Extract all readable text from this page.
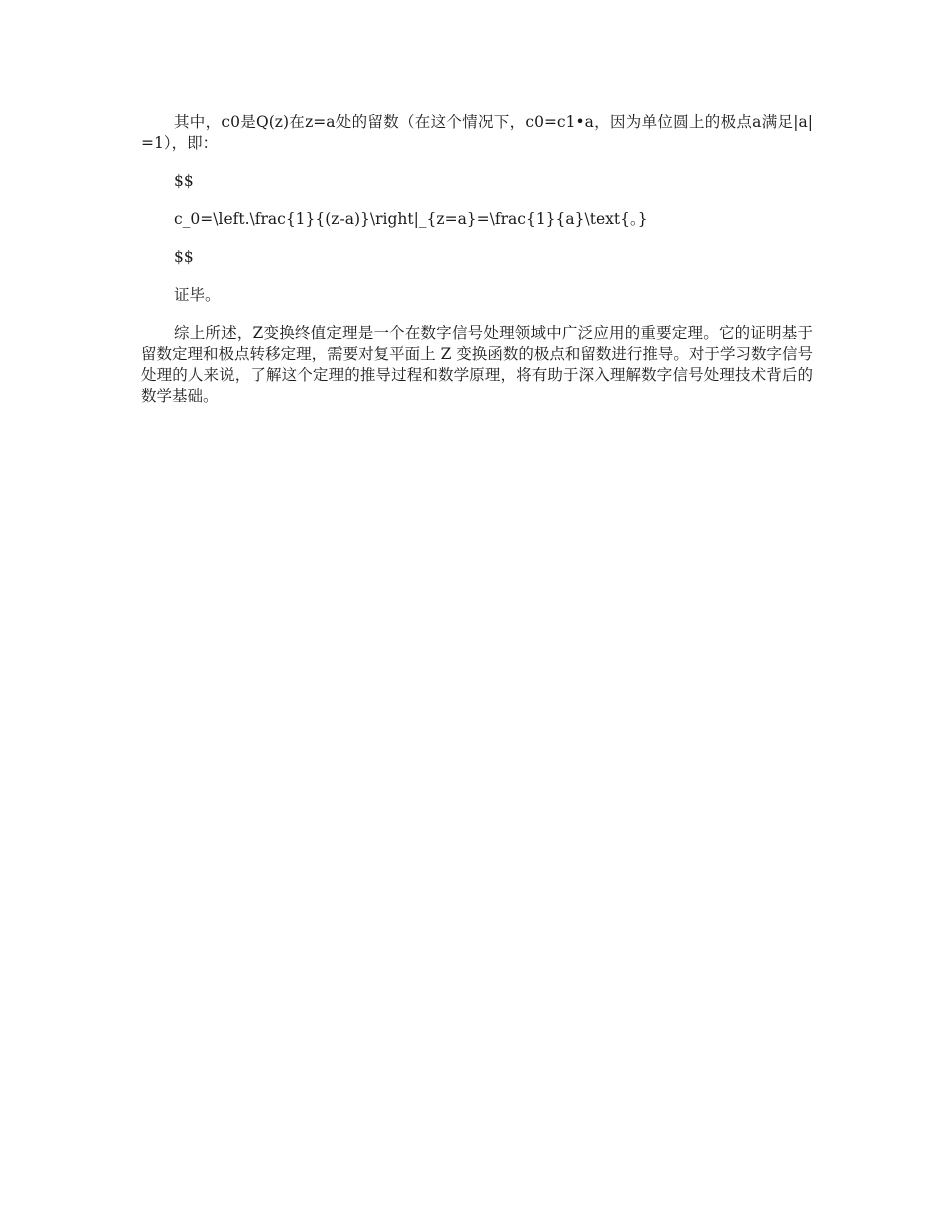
其中，c0是Q(z)在z=a处的留数（在这个情况下，c0=c1•a，因为单位圆上的极点a满足|a|=1），即：

$$

c_0=\left.\frac{1}{(z-a)}\right|_{z=a}=\frac{1}{a}\text{。}

$$

证毕。

综上所述，Z变换终值定理是一个在数字信号处理领域中广泛应用的重要定理。它的证明基于留数定理和极点转移定理，需要对复平面上 Z 变换函数的极点和留数进行推导。对于学习数字信号处理的人来说，了解这个定理的推导过程和数学原理，将有助于深入理解数字信号处理技术背后的数学基础。
